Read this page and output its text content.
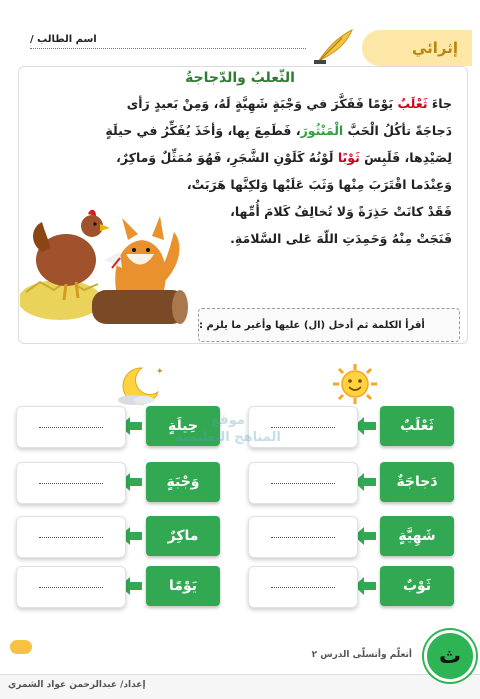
إثرائي
اسم الطالب /
الثّعلبُ والدّجاجةُ
جاءَ ثَعْلَبٌ يَوْمًا فَفَكَّرَ في وَجْبَةٍ شَهِيَّةٍ لَهُ، وَمِنْ بَعيدٍ رَأى
دَجاجَةً تأكُلُ الْحَبَّ الْمَنْثُورَ، فَطَمِعَ بِها، وَأخَذَ يُفَكِّرُ في حيلَةٍ
لِصَيْدِها، فَلَبِسَ ثَوْبًا لَوْنُهُ كَلَوْنِ الشَّجَرِ، فَهُوَ مُمَثِّلٌ وَماكِرٌ،
وَعِنْدَما اقْتَرَبَ مِنْها وَثَبَ عَلَيْها وَلكِنَّها هَرَبَتْ،
فَقَدْ كانَتْ حَذِرَةً وَلا تُخالِفُ كَلامَ أُمِّها،
فَنَجَتْ مِنْهُ وَحَمِدَتِ اللّهَ عَلى السَّلامَةِ.
أقرأ الكلمة ثم أدخل (ال) عليها وأغير ما يلزم :
✦
ثَعْلَبٌ
حِيلَةٍ
دَجاجَةٌ
وَجْبَةٍ
شَهِيَّةٍ
ماكِرٌ
ثَوْبٌ
يَوْمًا
موقع
المناهج التعليمية
أتعلّم وأتسلّى الدرس ٢
إعداد/ عبدالرحمن عواد الشمري
ث
